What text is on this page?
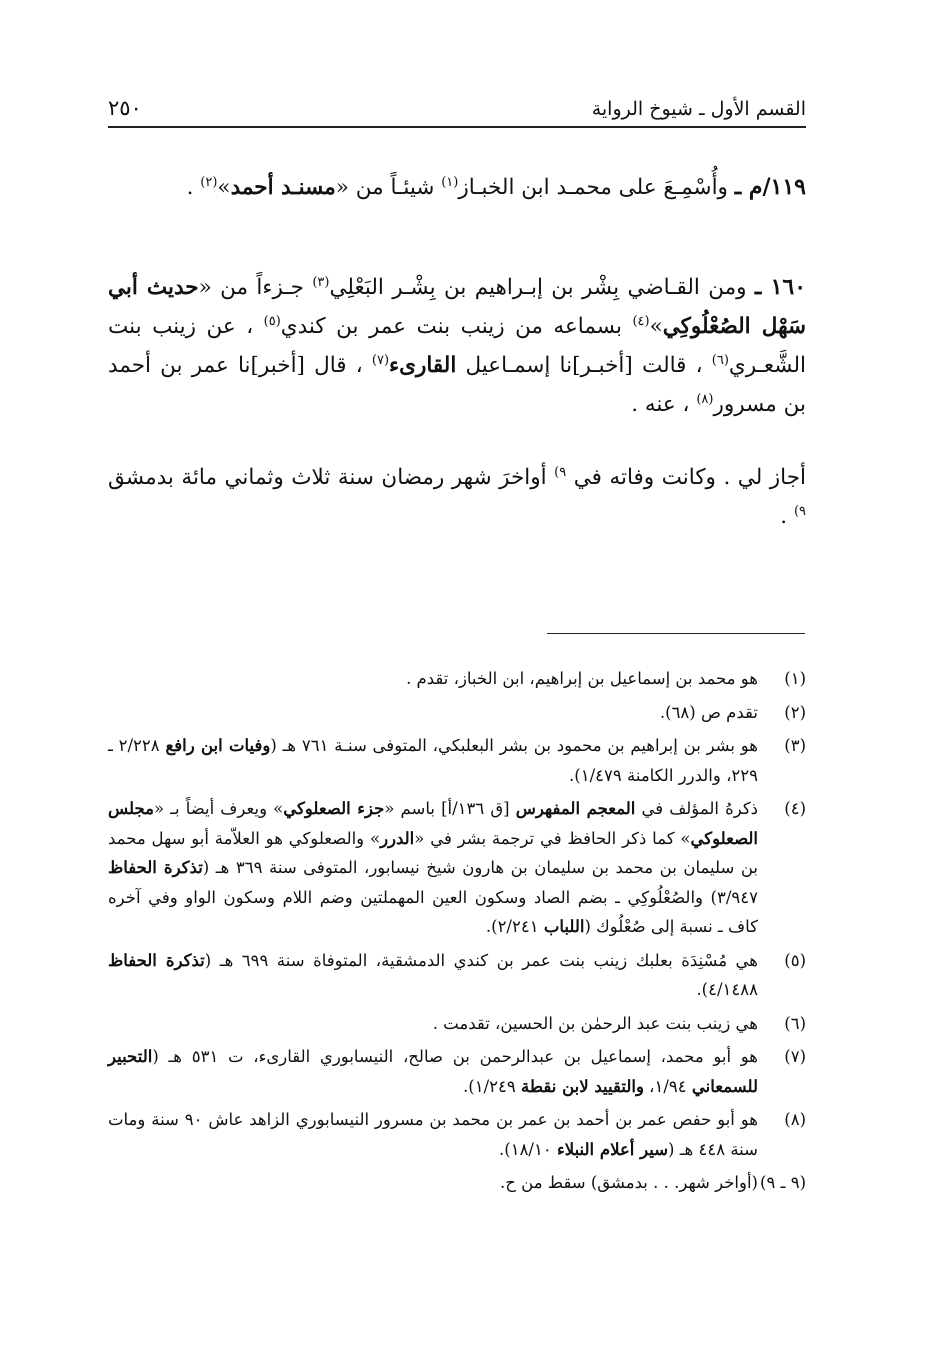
القسم الأول ـ شيوخ الرواية
٢٥٠
١١٩/م ـ وأُسْمِـعَ على محمـد ابن الخبـاز$^{(١)}$ شيئـاً من «مسنـد أحمد»$^{(٢)}$ .
١٦٠ ـ ومن القـاضي بِشْر بن إبـراهيم بن بِشْـر البَعْلِي$^{(٣)}$ جـزءاً من «حديث أبي سَهْل الصُعْلُوكِي»$^{(٤)}$ بسماعه من زينب بنت عمر بن كندي$^{(٥)}$ ، عن زينب بنت الشَّعـري$^{(٦)}$ ، قالت [أخبـر]نا إسمـاعيل القارىء$^{(٧)}$ ، قال [أخبر]نا عمر بن أحمد بن مسرور$^{(٨)}$ ، عنه .
أجاز لي . وكانت وفاته في $^{٩)}$ أواخرَ شهر رمضان سنة ثلاث وثماني مائة بدمشق $^{٩)}$ .
(١)
هو محمد بن إسماعيل بن إبراهيم، ابن الخباز، تقدم .
(٢)
تقدم ص (٦٨).
(٣)
هو بشر بن إبراهيم بن محمود بن بشر البعلبكي، المتوفى سنـة ٧٦١ هـ (وفيات ابن رافع ٢/٢٢٨ ـ ٢٢٩، والدرر الكامنة ١/٤٧٩).
(٤)
ذكرهُ المؤلف في المعجم المفهرس [ق ١٣٦/أ] باسم «جزء الصعلوكي» ويعرف أيضاً بـ «مجلس الصعلوكي» كما ذكر الحافظ في ترجمة بشر في «الدرر» والصعلوكي هو العلاّمة أبو سهل محمد بن سليمان بن محمد بن سليمان بن هارون شيخ نيسابور، المتوفى سنة ٣٦٩ هـ (تذكرة الحفاظ ٣/٩٤٧) والصُعْلُوكِي ـ بضم الصاد وسكون العين المهملتين وضم اللام وسكون الواو وفي آخره كاف ـ نسبة إلى صُعْلُوك (اللباب ٢/٢٤١).
(٥)
هي مُسْنِدَة بعلبك زينب بنت عمر بن كندي الدمشقية، المتوفاة سنة ٦٩٩ هـ (تذكرة الحفاظ ٤/١٤٨٨).
(٦)
هي زينب بنت عبد الرحمٰن بن الحسين، تقدمت .
(٧)
هو أبو محمد، إسماعيل بن عبدالرحمن بن صالح، النيسابوري القارىء، ت ٥٣١ هـ (التحبير للسمعاني ١/٩٤، والتقييد لابن نقطة ١/٢٤٩).
(٨)
هو أبو حفص عمر بن أحمد بن عمر بن محمد بن مسرور النيسابوري الزاهد عاش ٩٠ سنة ومات سنة ٤٤٨ هـ (سير أعلام النبلاء ١٨/١٠).
(٩ ـ ٩)
(أواخر شهر. . . بدمشق) سقط من ح.
